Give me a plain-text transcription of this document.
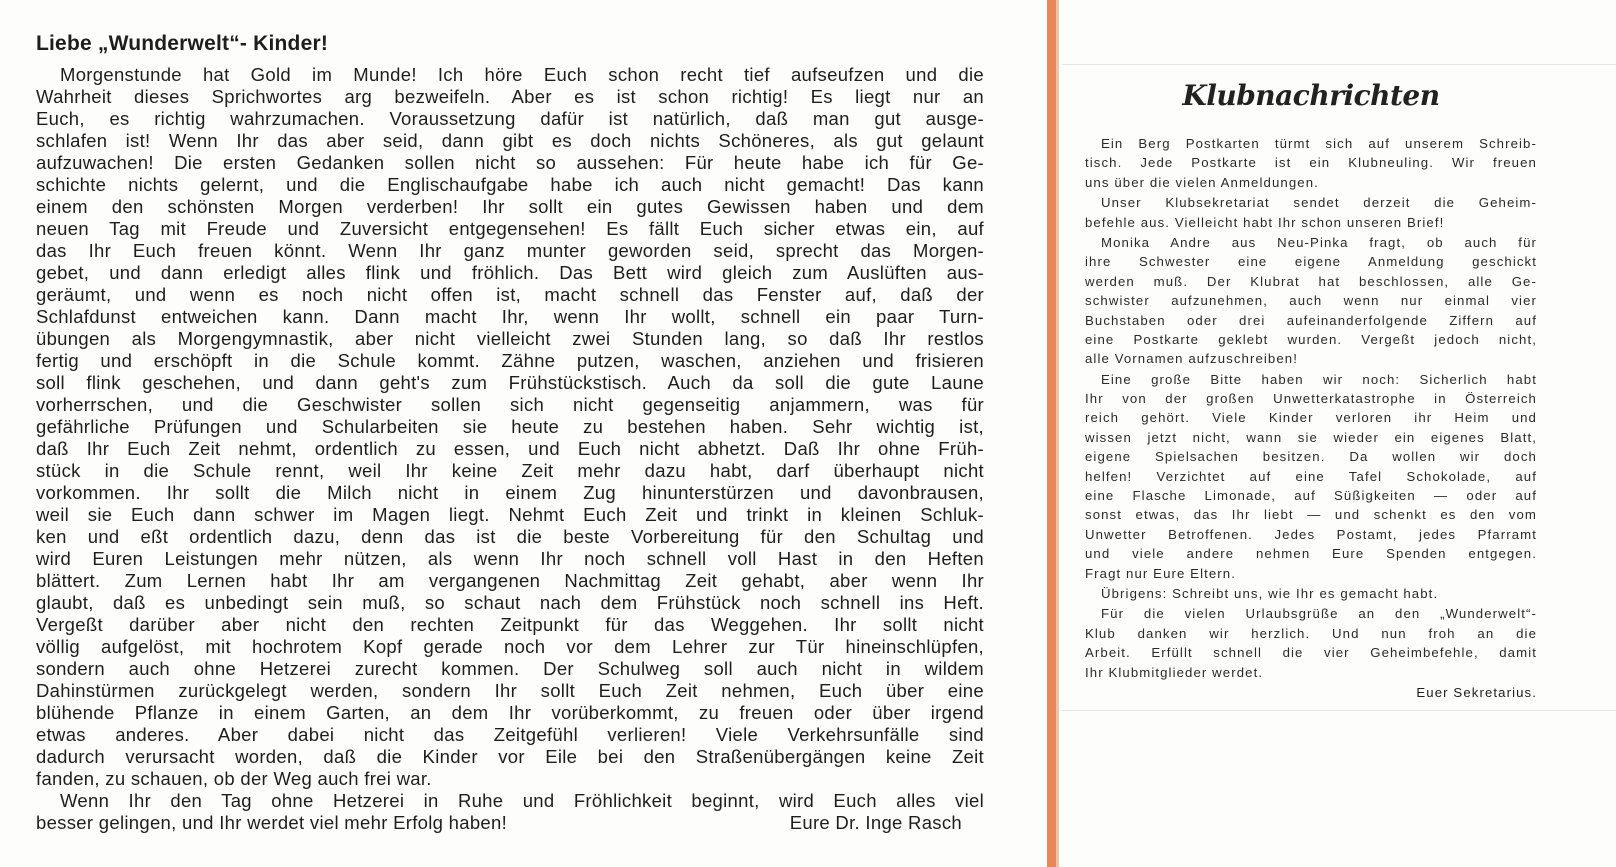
Liebe „Wunderwelt“- Kinder!
Morgenstunde hat Gold im Munde! Ich höre Euch schon recht tief aufseufzen und die
Wahrheit dieses Sprichwortes arg bezweifeln. Aber es ist schon richtig! Es liegt nur an
Euch, es richtig wahrzumachen. Voraussetzung dafür ist natürlich, daß man gut ausge-
schlafen ist! Wenn Ihr das aber seid, dann gibt es doch nichts Schöneres, als gut gelaunt
aufzuwachen! Die ersten Gedanken sollen nicht so aussehen: Für heute habe ich für Ge-
schichte nichts gelernt, und die Englischaufgabe habe ich auch nicht gemacht! Das kann
einem den schönsten Morgen verderben! Ihr sollt ein gutes Gewissen haben und dem
neuen Tag mit Freude und Zuversicht entgegensehen! Es fällt Euch sicher etwas ein, auf
das Ihr Euch freuen könnt. Wenn Ihr ganz munter geworden seid, sprecht das Morgen-
gebet, und dann erledigt alles flink und fröhlich. Das Bett wird gleich zum Auslüften aus-
geräumt, und wenn es noch nicht offen ist, macht schnell das Fenster auf, daß der
Schlafdunst entweichen kann. Dann macht Ihr, wenn Ihr wollt, schnell ein paar Turn-
übungen als Morgengymnastik, aber nicht vielleicht zwei Stunden lang, so daß Ihr restlos
fertig und erschöpft in die Schule kommt. Zähne putzen, waschen, anziehen und frisieren
soll flink geschehen, und dann geht's zum Frühstückstisch. Auch da soll die gute Laune
vorherrschen, und die Geschwister sollen sich nicht gegenseitig anjammern, was für
gefährliche Prüfungen und Schularbeiten sie heute zu bestehen haben. Sehr wichtig ist,
daß Ihr Euch Zeit nehmt, ordentlich zu essen, und Euch nicht abhetzt. Daß Ihr ohne Früh-
stück in die Schule rennt, weil Ihr keine Zeit mehr dazu habt, darf überhaupt nicht
vorkommen. Ihr sollt die Milch nicht in einem Zug hinunterstürzen und davonbrausen,
weil sie Euch dann schwer im Magen liegt. Nehmt Euch Zeit und trinkt in kleinen Schluk-
ken und eßt ordentlich dazu, denn das ist die beste Vorbereitung für den Schultag und
wird Euren Leistungen mehr nützen, als wenn Ihr noch schnell voll Hast in den Heften
blättert. Zum Lernen habt Ihr am vergangenen Nachmittag Zeit gehabt, aber wenn Ihr
glaubt, daß es unbedingt sein muß, so schaut nach dem Frühstück noch schnell ins Heft.
Vergeßt darüber aber nicht den rechten Zeitpunkt für das Weggehen. Ihr sollt nicht
völlig aufgelöst, mit hochrotem Kopf gerade noch vor dem Lehrer zur Tür hineinschlüpfen,
sondern auch ohne Hetzerei zurecht kommen. Der Schulweg soll auch nicht in wildem
Dahinstürmen zurückgelegt werden, sondern Ihr sollt Euch Zeit nehmen, Euch über eine
blühende Pflanze in einem Garten, an dem Ihr vorüberkommt, zu freuen oder über irgend
etwas anderes. Aber dabei nicht das Zeitgefühl verlieren! Viele Verkehrsunfälle sind
dadurch verursacht worden, daß die Kinder vor Eile bei den Straßenübergängen keine Zeit
fanden, zu schauen, ob der Weg auch frei war.
Wenn Ihr den Tag ohne Hetzerei in Ruhe und Fröhlichkeit beginnt, wird Euch alles viel
besser gelingen, und Ihr werdet viel mehr Erfolg haben!	Eure Dr. Inge Rasch
Klubnachrichten
Ein Berg Postkarten türmt sich auf unserem Schreib-
tisch. Jede Postkarte ist ein Klubneuling. Wir freuen
uns über die vielen Anmeldungen.
Unser Klubsekretariat sendet derzeit die Geheim-
befehle aus. Vielleicht habt Ihr schon unseren Brief!
Monika Andre aus Neu-Pinka fragt, ob auch für
ihre Schwester eine eigene Anmeldung geschickt
werden muß. Der Klubrat hat beschlossen, alle Ge-
schwister aufzunehmen, auch wenn nur einmal vier
Buchstaben oder drei aufeinanderfolgende Ziffern auf
eine Postkarte geklebt wurden. Vergeßt jedoch nicht,
alle Vornamen aufzuschreiben!
Eine große Bitte haben wir noch: Sicherlich habt
Ihr von der großen Unwetterkatastrophe in Österreich
reich gehört. Viele Kinder verloren ihr Heim und
wissen jetzt nicht, wann sie wieder ein eigenes Blatt,
eigene Spielsachen besitzen. Da wollen wir doch
helfen! Verzichtet auf eine Tafel Schokolade, auf
eine Flasche Limonade, auf Süßigkeiten — oder auf
sonst etwas, das Ihr liebt — und schenkt es den vom
Unwetter Betroffenen. Jedes Postamt, jedes Pfarramt
und viele andere nehmen Eure Spenden entgegen.
Fragt nur Eure Eltern.
Übrigens: Schreibt uns, wie Ihr es gemacht habt.
Für die vielen Urlaubsgrüße an den „Wunderwelt“-
Klub danken wir herzlich. Und nun froh an die
Arbeit. Erfüllt schnell die vier Geheimbefehle, damit
Ihr Klubmitglieder werdet.
Euer Sekretarius.
